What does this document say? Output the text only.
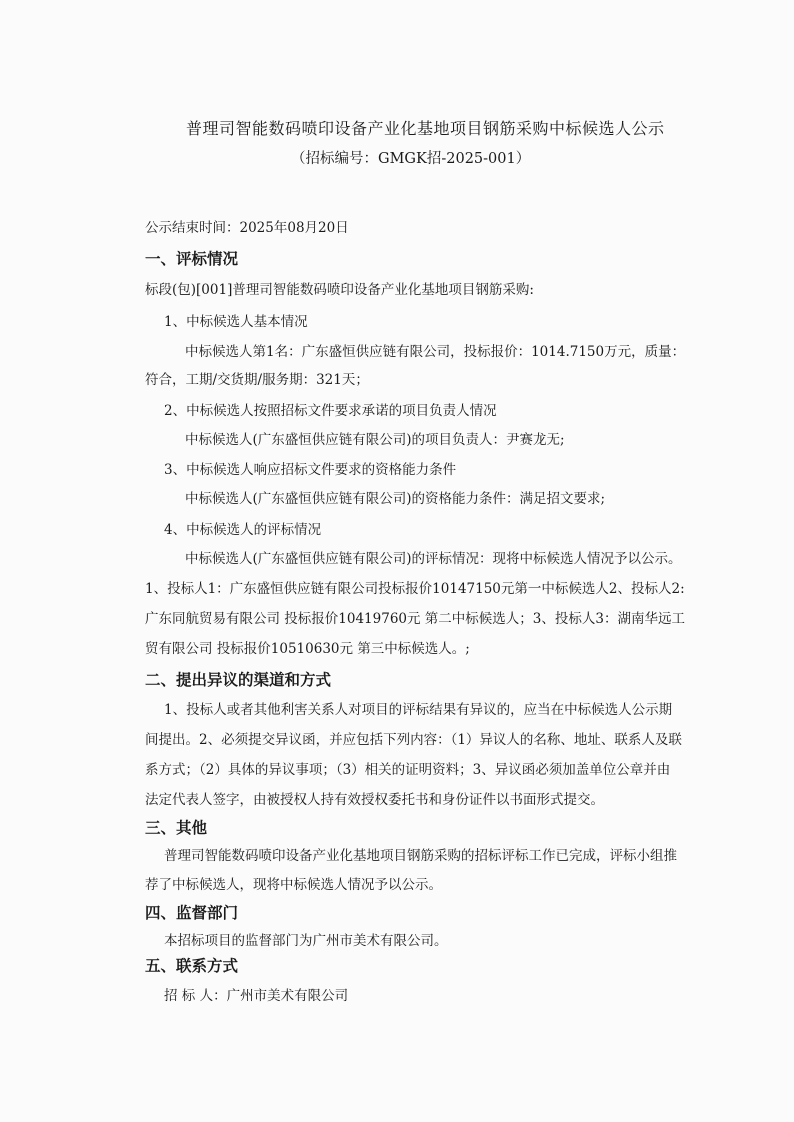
普理司智能数码喷印设备产业化基地项目钢筋采购中标候选人公示
（招标编号：GMGK招-2025-001）
公示结束时间：2025年08月20日
一、评标情况
标段(包)[001]普理司智能数码喷印设备产业化基地项目钢筋采购:
1、中标候选人基本情况
中标候选人第1名：广东盛恒供应链有限公司，投标报价：1014.7150万元，质量：
符合，工期/交货期/服务期：321天；
2、中标候选人按照招标文件要求承诺的项目负责人情况
中标候选人(广东盛恒供应链有限公司)的项目负责人：尹赛龙无;
3、中标候选人响应招标文件要求的资格能力条件
中标候选人(广东盛恒供应链有限公司)的资格能力条件：满足招文要求;
4、中标候选人的评标情况
中标候选人(广东盛恒供应链有限公司)的评标情况：现将中标候选人情况予以公示。
1、投标人1：广东盛恒供应链有限公司投标报价10147150元第一中标候选人2、投标人2:
广东同航贸易有限公司 投标报价10419760元 第二中标候选人；3、投标人3：湖南华远工
贸有限公司 投标报价10510630元 第三中标候选人。;
二、提出异议的渠道和方式
1、投标人或者其他利害关系人对项目的评标结果有异议的，应当在中标候选人公示期
间提出。2、必须提交异议函，并应包括下列内容：（1）异议人的名称、地址、联系人及联
系方式；（2）具体的异议事项；（3）相关的证明资料；3、异议函必须加盖单位公章并由
法定代表人签字，由被授权人持有效授权委托书和身份证件以书面形式提交。
三、其他
普理司智能数码喷印设备产业化基地项目钢筋采购的招标评标工作已完成，评标小组推
荐了中标候选人，现将中标候选人情况予以公示。
四、监督部门
本招标项目的监督部门为广州市美术有限公司。
五、联系方式
招 标 人：广州市美术有限公司
